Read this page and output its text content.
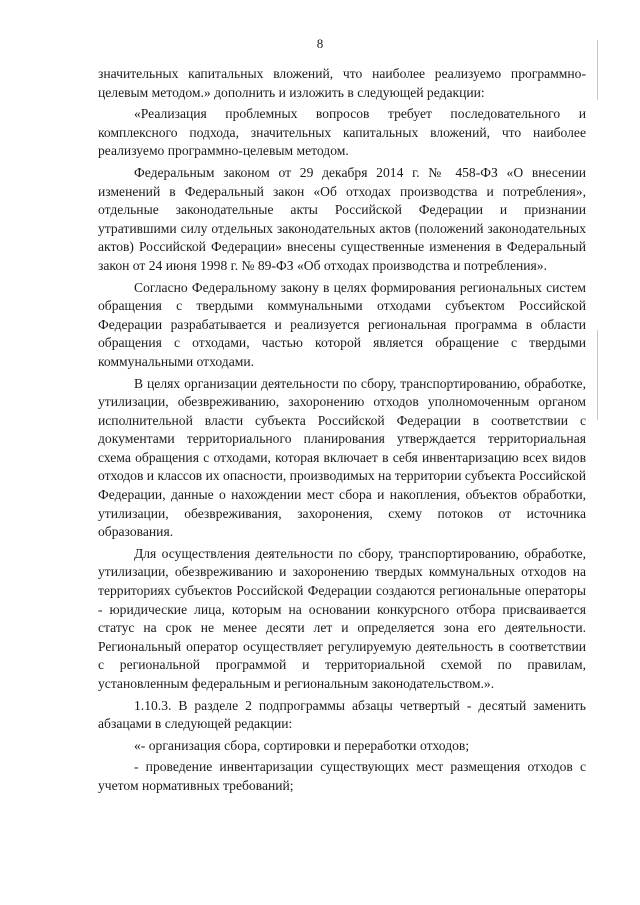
8

значительных капитальных вложений, что наиболее реализуемо программно-целевым методом.» дополнить и изложить в следующей редакции:

«Реализация проблемных вопросов требует последовательного и комплексного подхода, значительных капитальных вложений, что наиболее реализуемо программно-целевым методом.

Федеральным законом от 29 декабря 2014 г. № 458-ФЗ «О внесении изменений в Федеральный закон «Об отходах производства и потребления», отдельные законодательные акты Российской Федерации и признании утратившими силу отдельных законодательных актов (положений законодательных актов) Российской Федерации» внесены существенные изменения в Федеральный закон от 24 июня 1998 г. № 89-ФЗ «Об отходах производства и потребления».

Согласно Федеральному закону в целях формирования региональных систем обращения с твердыми коммунальными отходами субъектом Российской Федерации разрабатывается и реализуется региональная программа в области обращения с отходами, частью которой является обращение с твердыми коммунальными отходами.

В целях организации деятельности по сбору, транспортированию, обработке, утилизации, обезвреживанию, захоронению отходов уполномоченным органом исполнительной власти субъекта Российской Федерации в соответствии с документами территориального планирования утверждается территориальная схема обращения с отходами, которая включает в себя инвентаризацию всех видов отходов и классов их опасности, производимых на территории субъекта Российской Федерации, данные о нахождении мест сбора и накопления, объектов обработки, утилизации, обезвреживания, захоронения, схему потоков от источника образования.

Для осуществления деятельности по сбору, транспортированию, обработке, утилизации, обезвреживанию и захоронению твердых коммунальных отходов на территориях субъектов Российской Федерации создаются региональные операторы - юридические лица, которым на основании конкурсного отбора присваивается статус на срок не менее десяти лет и определяется зона его деятельности. Региональный оператор осуществляет регулируемую деятельность в соответствии с региональной программой и территориальной схемой по правилам, установленным федеральным и региональным законодательством.».

1.10.3. В разделе 2 подпрограммы абзацы четвертый - десятый заменить абзацами в следующей редакции:

«- организация сбора, сортировки и переработки отходов;

- проведение инвентаризации существующих мест размещения отходов с учетом нормативных требований;
